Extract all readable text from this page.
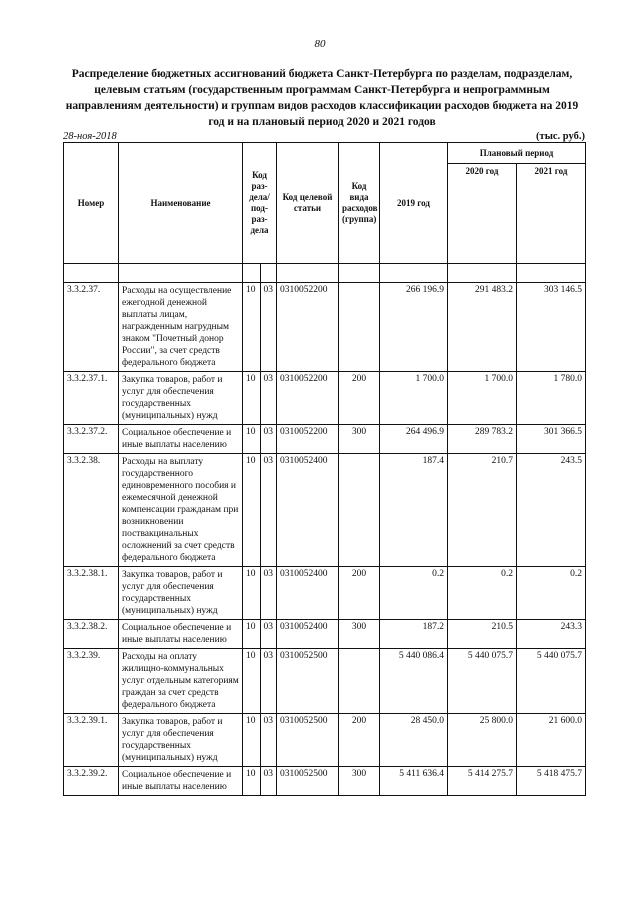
80
Распределение бюджетных ассигнований бюджета Санкт-Петербурга по разделам, подразделам, целевым статьям (государственным программам Санкт-Петербурга и непрограммным направлениям деятельности) и группам видов расходов классификации расходов бюджета на 2019 год и на плановый период 2020 и 2021 годов
28-ноя-2018	(тыс. руб.)
Номер	Наименование	Код раз-дела/ под-раз-дела		Код целевой статьи	Код вида расходов (группа)	2019 год	Плановый период	
							2020 год	2021 год

3.3.2.37.	Расходы на осуществление ежегодной денежной выплаты лицам, награжденным нагрудным знаком "Почетный донор России", за счет средств федерального бюджета	10	03	0310052200		266 196.9	291 483.2	303 146.5
3.3.2.37.1.	Закупка товаров, работ и услуг для обеспечения государственных (муниципальных) нужд	10	03	0310052200	200	1 700.0	1 700.0	1 780.0
3.3.2.37.2.	Социальное обеспечение и иные выплаты населению	10	03	0310052200	300	264 496.9	289 783.2	301 366.5
3.3.2.38.	Расходы на выплату государственного единовременного пособия и ежемесячной денежной компенсации гражданам при возникновении поствакцинальных осложнений за счет средств федерального бюджета	10	03	0310052400		187.4	210.7	243.5
3.3.2.38.1.	Закупка товаров, работ и услуг для обеспечения государственных (муниципальных) нужд	10	03	0310052400	200	0.2	0.2	0.2
3.3.2.38.2.	Социальное обеспечение и иные выплаты населению	10	03	0310052400	300	187.2	210.5	243.3
3.3.2.39.	Расходы на оплату жилищно-коммунальных услуг отдельным категориям граждан за счет средств федерального бюджета	10	03	0310052500		5 440 086.4	5 440 075.7	5 440 075.7
3.3.2.39.1.	Закупка товаров, работ и услуг для обеспечения государственных (муниципальных) нужд	10	03	0310052500	200	28 450.0	25 800.0	21 600.0
3.3.2.39.2.	Социальное обеспечение и иные выплаты населению	10	03	0310052500	300	5 411 636.4	5 414 275.7	5 418 475.7
